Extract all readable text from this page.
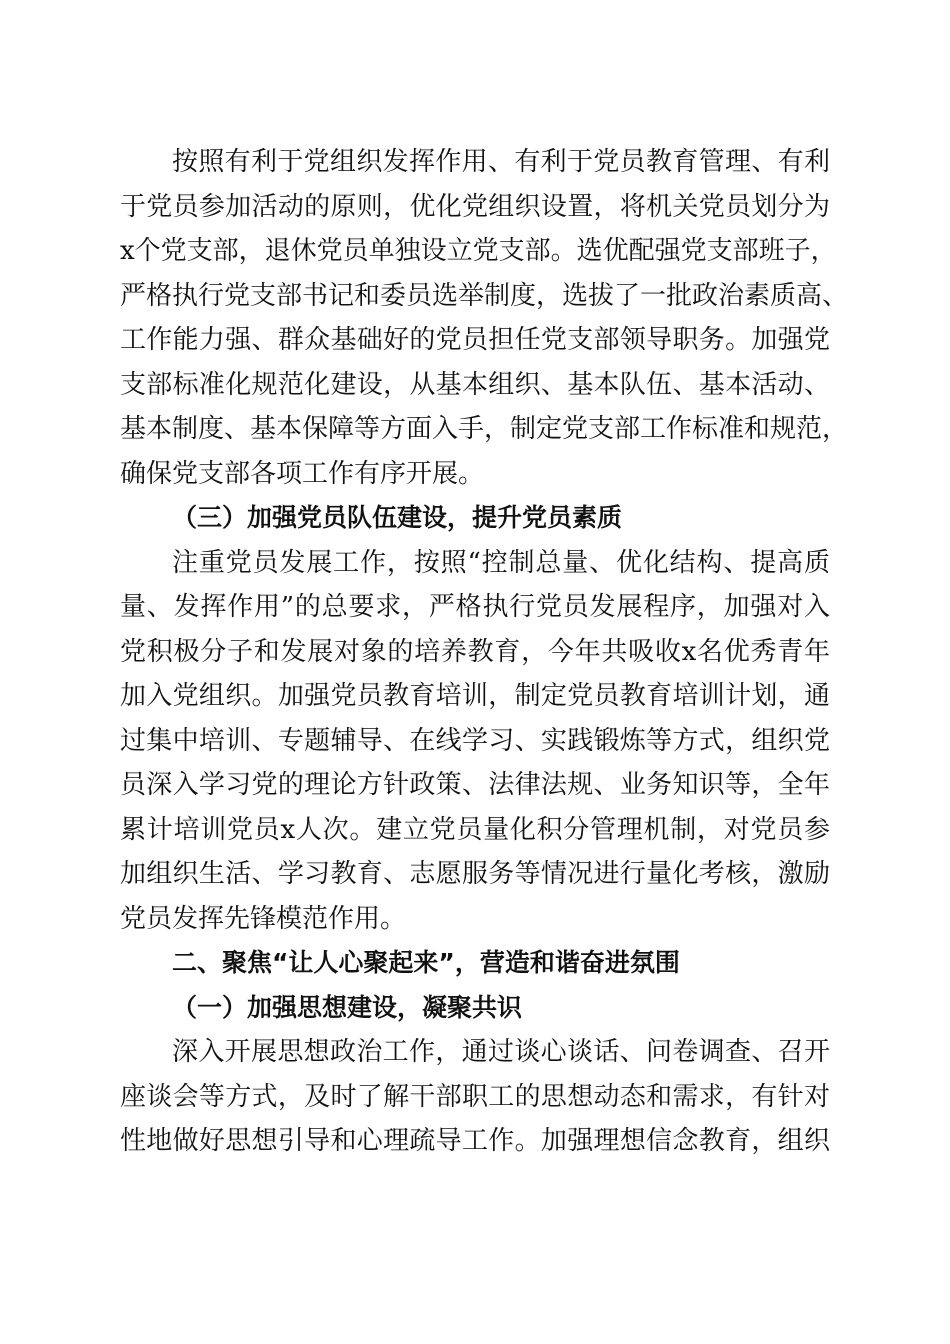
按照有利于党组织发挥作用、有利于党员教育管理、有利
于党员参加活动的原则，优化党组织设置，将机关党员划分为
x个党支部，退休党员单独设立党支部。选优配强党支部班子，
严格执行党支部书记和委员选举制度，选拔了一批政治素质高、
工作能力强、群众基础好的党员担任党支部领导职务。加强党
支部标准化规范化建设，从基本组织、基本队伍、基本活动、
基本制度、基本保障等方面入手，制定党支部工作标准和规范，
确保党支部各项工作有序开展。
（三）加强党员队伍建设，提升党员素质
注重党员发展工作，按照“控制总量、优化结构、提高质
量、发挥作用”的总要求，严格执行党员发展程序，加强对入
党积极分子和发展对象的培养教育，今年共吸收x名优秀青年
加入党组织。加强党员教育培训，制定党员教育培训计划，通
过集中培训、专题辅导、在线学习、实践锻炼等方式，组织党
员深入学习党的理论方针政策、法律法规、业务知识等，全年
累计培训党员x人次。建立党员量化积分管理机制，对党员参
加组织生活、学习教育、志愿服务等情况进行量化考核，激励
党员发挥先锋模范作用。
二、聚焦“让人心聚起来”，营造和谐奋进氛围
（一）加强思想建设，凝聚共识
深入开展思想政治工作，通过谈心谈话、问卷调查、召开
座谈会等方式，及时了解干部职工的思想动态和需求，有针对
性地做好思想引导和心理疏导工作。加强理想信念教育，组织
